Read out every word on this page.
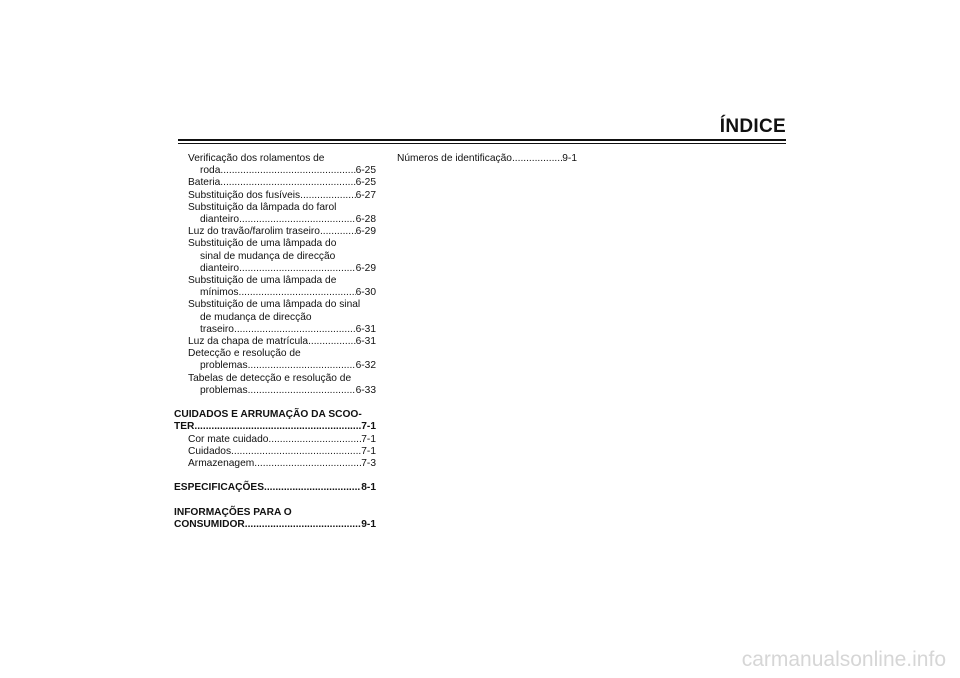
ÍNDICE
Verificação dos rolamentos de
roda .....	6-25
Bateria .....	6-25
Substituição dos fusíveis .....	6-27
Substituição da lâmpada do farol
dianteiro .....	6-28
Luz do travão/farolim traseiro .....	6-29
Substituição de uma lâmpada do
sinal de mudança de direcção
dianteiro .....	6-29
Substituição de uma lâmpada de
mínimos .....	6-30
Substituição de uma lâmpada do sinal
de mudança de direcção
traseiro .....	6-31
Luz da chapa de matrícula .....	6-31
Detecção e resolução de
problemas .....	6-32
Tabelas de detecção e resolução de
problemas .....	6-33
CUIDADOS E ARRUMAÇÃO DA SCOO-
TER .....	7-1
Cor mate cuidado .....	7-1
Cuidados .....	7-1
Armazenagem .....	7-3
ESPECIFICAÇÕES .....	8-1
INFORMAÇÕES PARA O
CONSUMIDOR .....	9-1
Números de identificação .....	9-1
carmanualsonline.info
